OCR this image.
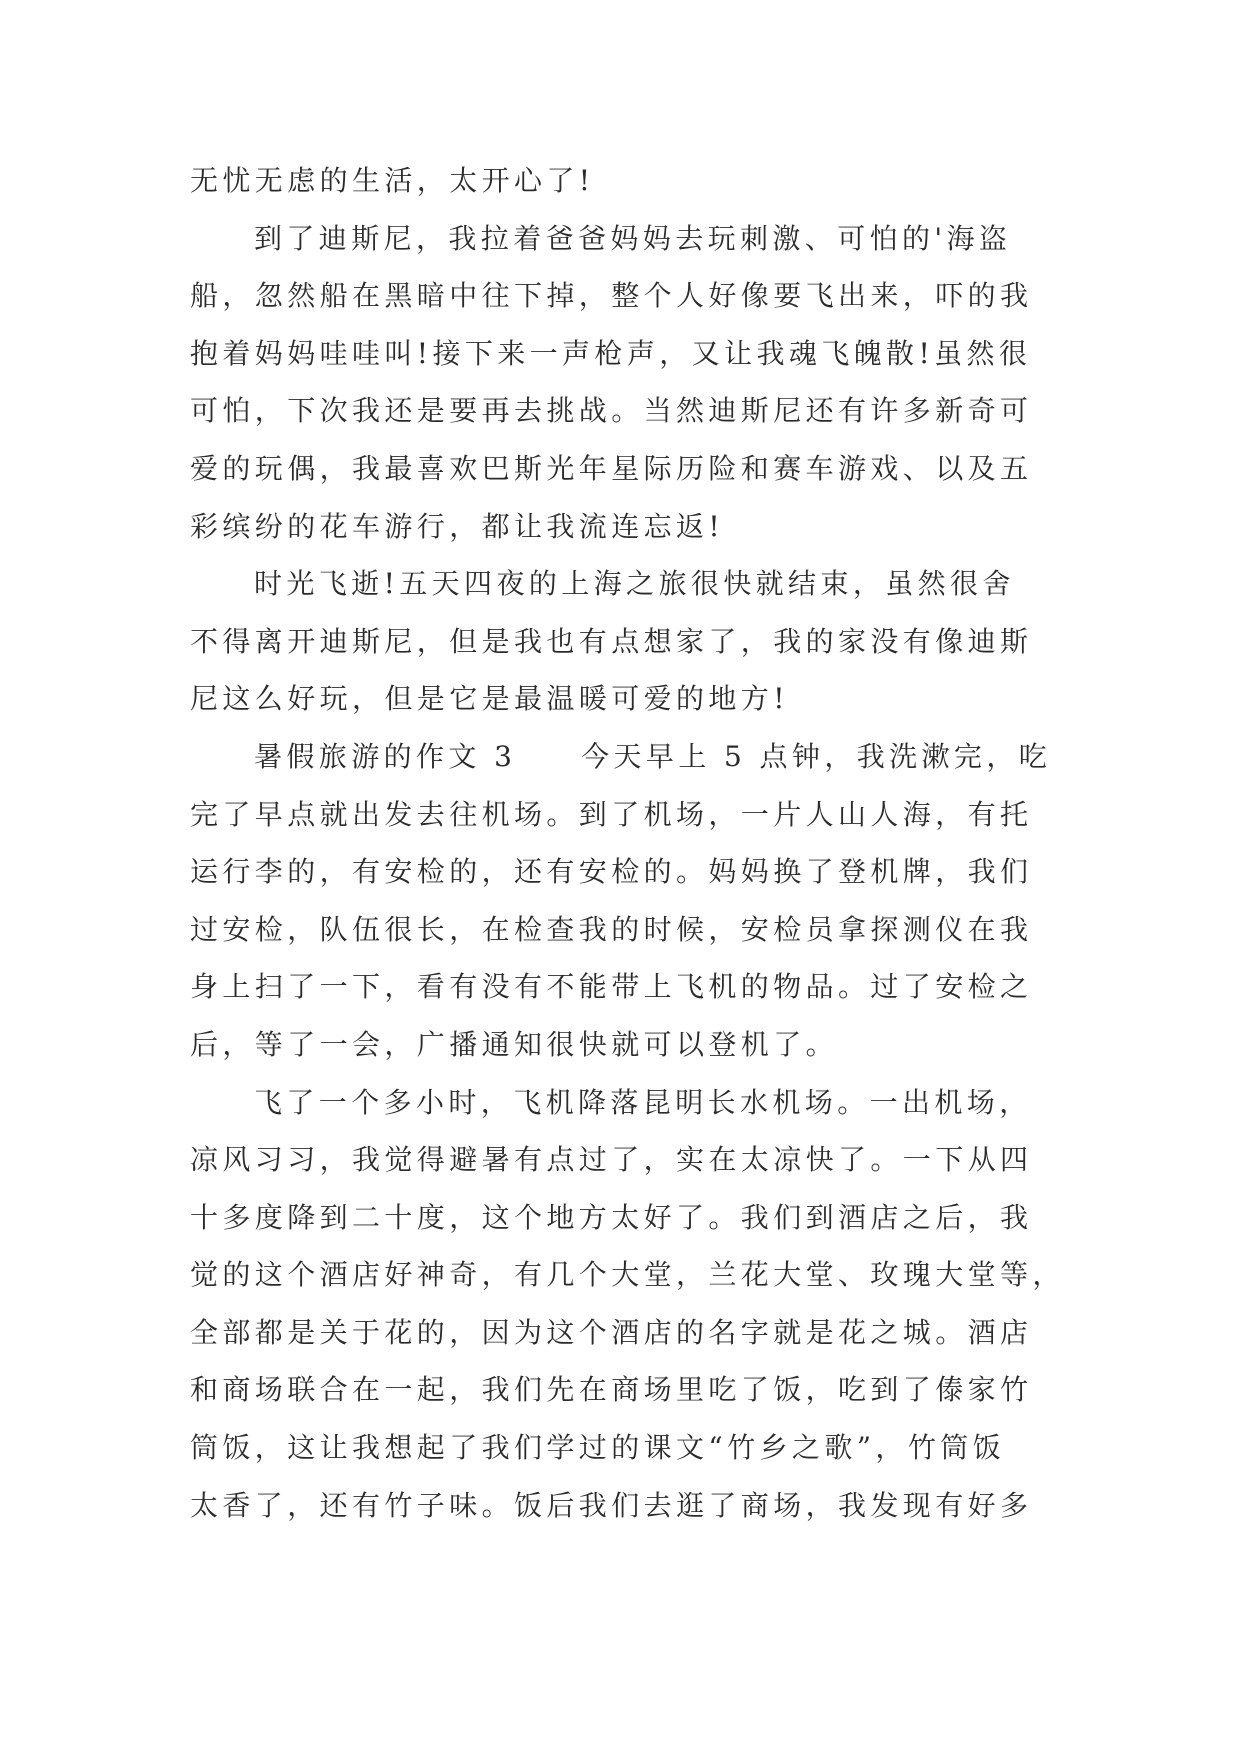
无忧无虑的生活，太开心了!
到了迪斯尼，我拉着爸爸妈妈去玩刺激、可怕的'海盗
船，忽然船在黑暗中往下掉，整个人好像要飞出来，吓的我
抱着妈妈哇哇叫!接下来一声枪声，又让我魂飞魄散!虽然很
可怕，下次我还是要再去挑战。当然迪斯尼还有许多新奇可
爱的玩偶，我最喜欢巴斯光年星际历险和赛车游戏、以及五
彩缤纷的花车游行，都让我流连忘返!
时光飞逝!五天四夜的上海之旅很快就结束，虽然很舍
不得离开迪斯尼，但是我也有点想家了，我的家没有像迪斯
尼这么好玩，但是它是最温暖可爱的地方!
暑假旅游的作文 3　　今天早上 5 点钟，我洗漱完，吃
完了早点就出发去往机场。到了机场，一片人山人海，有托
运行李的，有安检的，还有安检的。妈妈换了登机牌，我们
过安检，队伍很长，在检查我的时候，安检员拿探测仪在我
身上扫了一下，看有没有不能带上飞机的物品。过了安检之
后，等了一会，广播通知很快就可以登机了。
飞了一个多小时，飞机降落昆明长水机场。一出机场，
凉风习习，我觉得避暑有点过了，实在太凉快了。一下从四
十多度降到二十度，这个地方太好了。我们到酒店之后，我
觉的这个酒店好神奇，有几个大堂，兰花大堂、玫瑰大堂等，
全部都是关于花的，因为这个酒店的名字就是花之城。酒店
和商场联合在一起，我们先在商场里吃了饭，吃到了傣家竹
筒饭，这让我想起了我们学过的课文“竹乡之歌”，竹筒饭
太香了，还有竹子味。饭后我们去逛了商场，我发现有好多
